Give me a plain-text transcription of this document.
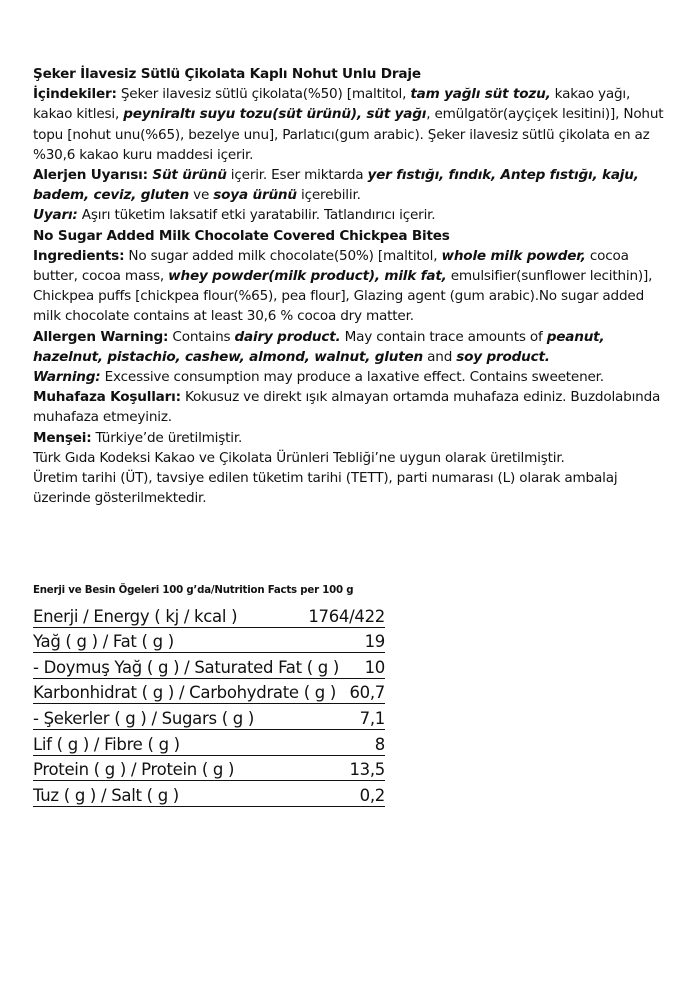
Şeker İlavesiz Sütlü Çikolata Kaplı Nohut Unlu Draje

İçindekiler: Şeker ilavesiz sütlü çikolata(%50) [maltitol, tam yağlı süt tozu, kakao yağı, kakao kitlesi, peyniraltı suyu tozu(süt ürünü), süt yağı, emülgatör(ayçiçek lesitini)], Nohut topu [nohut unu(%65), bezelye unu], Parlatıcı(gum arabic). Şeker ilavesiz sütlü çikolata en az %30,6 kakao kuru maddesi içerir.

Alerjen Uyarısı: Süt ürünü içerir. Eser miktarda yer fıstığı, fındık, Antep fıstığı, kaju, badem, ceviz, gluten ve soya ürünü içerebilir.

Uyarı: Aşırı tüketim laksatif etki yaratabilir. Tatlandırıcı içerir.

No Sugar Added Milk Chocolate Covered Chickpea Bites

Ingredients: No sugar added milk chocolate(50%) [maltitol, whole milk powder, cocoa butter, cocoa mass, whey powder(milk product), milk fat, emulsifier(sunflower lecithin)], Chickpea puffs [chickpea flour(%65), pea flour], Glazing agent (gum arabic).No sugar added milk chocolate contains at least 30,6 % cocoa dry matter.

Allergen Warning: Contains dairy product. May contain trace amounts of peanut, hazelnut, pistachio, cashew, almond, walnut, gluten and soy product.

Warning: Excessive consumption may produce a laxative effect. Contains sweetener.

Muhafaza Koşulları: Kokusuz ve direkt ışık almayan ortamda muhafaza ediniz. Buzdolabında muhafaza etmeyiniz.

Menşei: Türkiye’de üretilmiştir.

Türk Gıda Kodeksi Kakao ve Çikolata Ürünleri Tebliği’ne uygun olarak üretilmiştir.

Üretim tarihi (ÜT), tavsiye edilen tüketim tarihi (TETT), parti numarası (L) olarak ambalaj üzerinde gösterilmektedir.

Enerji ve Besin Ögeleri 100 g’da/Nutrition Facts per 100 g
Enerji / Energy ( kj / kcal )	1764/422
Yağ ( g ) / Fat ( g )	19
- Doymuş Yağ ( g ) / Saturated Fat ( g ) 10
Karbonhidrat ( g ) / Carbohydrate ( g ) 60,7
- Şekerler ( g ) / Sugars ( g )	7,1
Lif ( g ) / Fibre ( g )	8
Protein ( g ) / Protein ( g )	13,5
Tuz ( g ) / Salt ( g )	0,2
